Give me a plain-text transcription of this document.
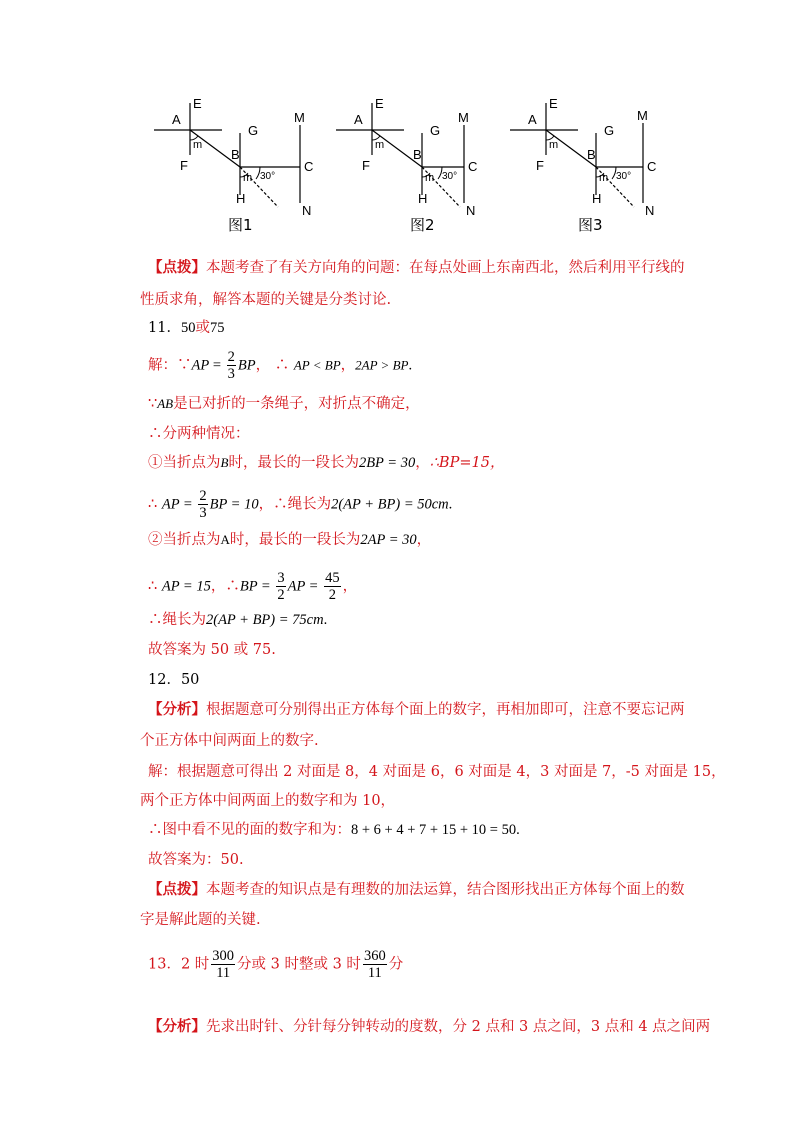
A
E
F
m
G
B
H
m 30°
M
C
N
图1
A
E
F
m
G
B
H
m 30°
M
C
N
图2
A
E
F
m
G
B
H
m 30°
M
C
N
图3
【点拨】本题考查了有关方向角的问题：在每点处画上东南西北，然后利用平行线的
性质求角，解答本题的关键是分类讨论.
11．50或75
解：∵AP = $\frac{2}{3}$ BP， ∴ AP < BP，2AP > BP.
∵AB是已对折的一条绳子，对折点不确定，
∴分两种情况：
①当折点为B时，最长的一段长为2BP = 30，∴BP=15，
∴ AP = $\frac{2}{3}$ BP = 10，∴绳长为2(AP + BP) = 50cm.
②当折点为A时，最长的一段长为2AP = 30，
∴ AP = 15，∴BP = $\frac{3}{2}$ AP = $\frac{45}{2}$ ，
∴绳长为2(AP + BP) = 75cm.
故答案为 50 或 75.
12．50
【分析】根据题意可分别得出正方体每个面上的数字，再相加即可，注意不要忘记两
个正方体中间两面上的数字.
解：根据题意可得出 2 对面是 8，4 对面是 6，6 对面是 4，3 对面是 7，-5 对面是 15，
两个正方体中间两面上的数字和为 10，
∴图中看不见的面的数字和为：8 + 6 + 4 + 7 + 15 + 10 = 50.
故答案为：50.
【点拨】本题考查的知识点是有理数的加法运算，结合图形找出正方体每个面上的数
字是解此题的关键.
13．2 时 $\frac{300}{11}$ 分或 3 时整或 3 时 $\frac{360}{11}$ 分
【分析】先求出时针、分针每分钟转动的度数，分 2 点和 3 点之间，3 点和 4 点之间两
